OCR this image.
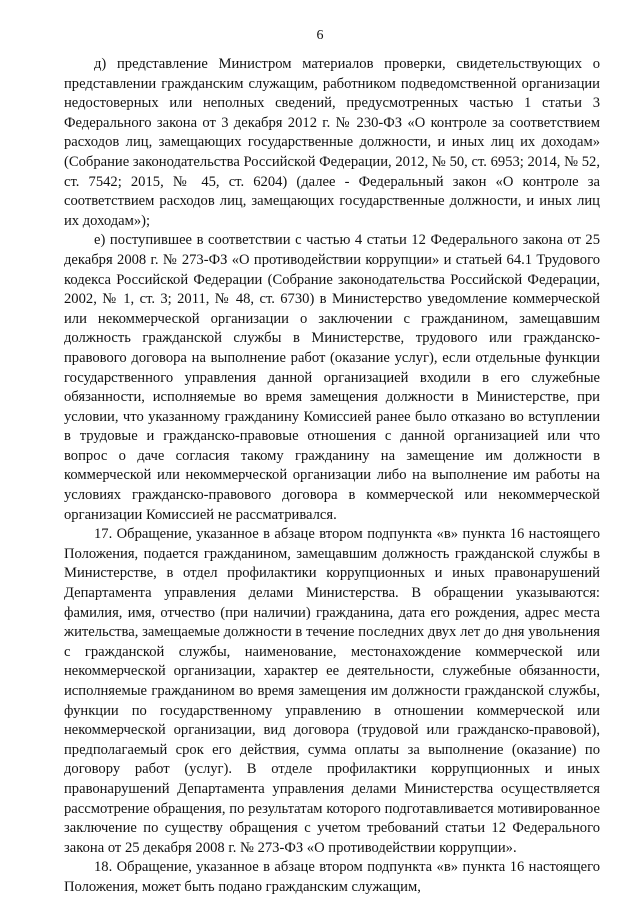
6

д) представление Министром материалов проверки, свидетельствующих о представлении гражданским служащим, работником подведомственной организации недостоверных или неполных сведений, предусмотренных частью 1 статьи 3 Федерального закона от 3 декабря 2012 г. № 230-ФЗ «О контроле за соответствием расходов лиц, замещающих государственные должности, и иных лиц их доходам» (Собрание законодательства Российской Федерации, 2012, № 50, ст. 6953; 2014, № 52, ст. 7542; 2015, № 45, ст. 6204) (далее - Федеральный закон «О контроле за соответствием расходов лиц, замещающих государственные должности, и иных лиц их доходам»);

е) поступившее в соответствии с частью 4 статьи 12 Федерального закона от 25 декабря 2008 г. № 273-ФЗ «О противодействии коррупции» и статьей 64.1 Трудового кодекса Российской Федерации (Собрание законодательства Российской Федерации, 2002, № 1, ст. 3; 2011, № 48, ст. 6730) в Министерство уведомление коммерческой или некоммерческой организации о заключении с гражданином, замещавшим должность гражданской службы в Министерстве, трудового или гражданско-правового договора на выполнение работ (оказание услуг), если отдельные функции государственного управления данной организацией входили в его служебные обязанности, исполняемые во время замещения должности в Министерстве, при условии, что указанному гражданину Комиссией ранее было отказано во вступлении в трудовые и гражданско-правовые отношения с данной организацией или что вопрос о даче согласия такому гражданину на замещение им должности в коммерческой или некоммерческой организации либо на выполнение им работы на условиях гражданско-правового договора в коммерческой или некоммерческой организации Комиссией не рассматривался.

17. Обращение, указанное в абзаце втором подпункта «в» пункта 16 настоящего Положения, подается гражданином, замещавшим должность гражданской службы в Министерстве, в отдел профилактики коррупционных и иных правонарушений Департамента управления делами Министерства. В обращении указываются: фамилия, имя, отчество (при наличии) гражданина, дата его рождения, адрес места жительства, замещаемые должности в течение последних двух лет до дня увольнения с гражданской службы, наименование, местонахождение коммерческой или некоммерческой организации, характер ее деятельности, служебные обязанности, исполняемые гражданином во время замещения им должности гражданской службы, функции по государственному управлению в отношении коммерческой или некоммерческой организации, вид договора (трудовой или гражданско-правовой), предполагаемый срок его действия, сумма оплаты за выполнение (оказание) по договору работ (услуг). В отделе профилактики коррупционных и иных правонарушений Департамента управления делами Министерства осуществляется рассмотрение обращения, по результатам которого подготавливается мотивированное заключение по существу обращения с учетом требований статьи 12 Федерального закона от 25 декабря 2008 г. № 273-ФЗ «О противодействии коррупции».

18. Обращение, указанное в абзаце втором подпункта «в» пункта 16 настоящего Положения, может быть подано гражданским служащим,
